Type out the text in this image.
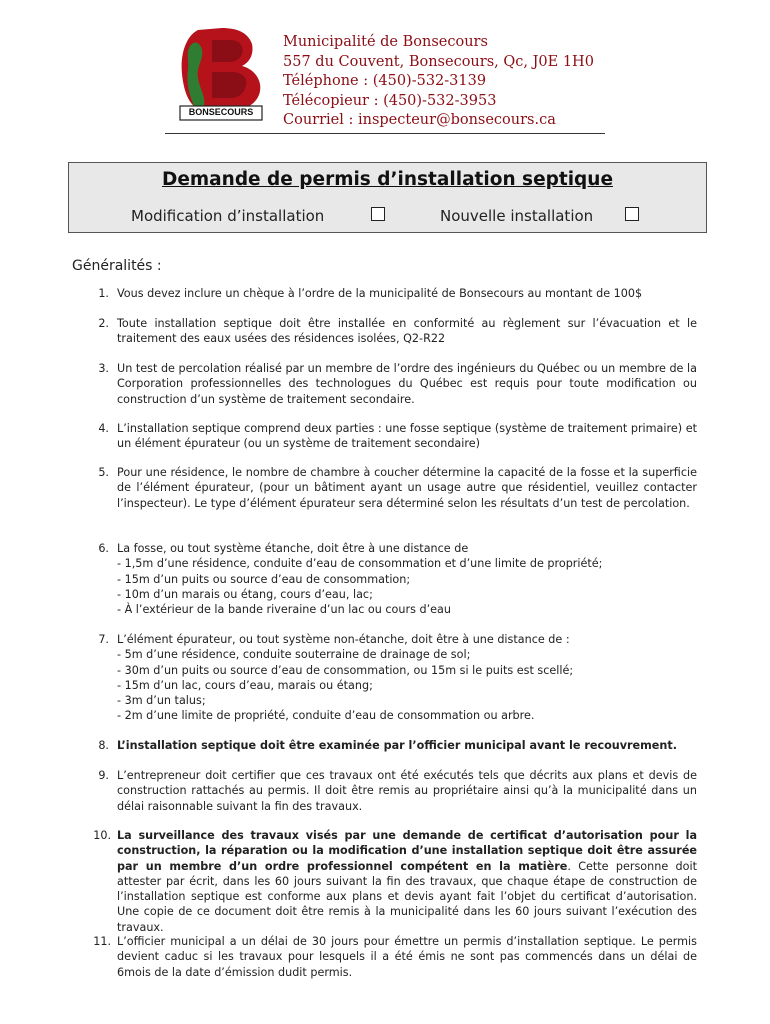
BONSECOURS
Municipalité de Bonsecours
557 du Couvent, Bonsecours, Qc, J0E 1H0
Téléphone : (450)-532-3139
Télécopieur : (450)-532-3953
Courriel : inspecteur@bonsecours.ca
Demande de permis d’installation septique
Modification d’installation	Nouvelle installation
Généralités :
1. Vous devez inclure un chèque à l’ordre de la municipalité de Bonsecours au montant de 100$
2. Toute installation septique doit être installée en conformité au règlement sur l’évacuation et le traitement des eaux usées des résidences isolées, Q2-R22
3. Un test de percolation réalisé par un membre de l’ordre des ingénieurs du Québec ou un membre de la Corporation professionnelles des technologues du Québec est requis pour toute modification ou construction d’un système de traitement secondaire.
4. L’installation septique comprend deux parties : une fosse septique (système de traitement primaire) et un élément épurateur (ou un système de traitement secondaire)
5. Pour une résidence, le nombre de chambre à coucher détermine la capacité de la fosse et la superficie de l’élément épurateur, (pour un bâtiment ayant un usage autre que résidentiel, veuillez contacter l’inspecteur). Le type d’élément épurateur sera déterminé selon les résultats d’un test de percolation.
6. La fosse, ou tout système étanche, doit être à une distance de
- 1,5m d’une résidence, conduite d’eau de consommation et d’une limite de propriété;
- 15m d’un puits ou source d’eau de consommation;
- 10m d’un marais ou étang, cours d’eau, lac;
- À l’extérieur de la bande riveraine d’un lac ou cours d’eau
7. L’élément épurateur, ou tout système non-étanche, doit être à une distance de :
- 5m d’une résidence, conduite souterraine de drainage de sol;
- 30m d’un puits ou source d’eau de consommation, ou 15m si le puits est scellé;
- 15m d’un lac, cours d’eau, marais ou étang;
- 3m d’un talus;
- 2m d’une limite de propriété, conduite d’eau de consommation ou arbre.
8. L’installation septique doit être examinée par l’officier municipal avant le recouvrement.
9. L’entrepreneur doit certifier que ces travaux ont été exécutés tels que décrits aux plans et devis de construction rattachés au permis. Il doit être remis au propriétaire ainsi qu’à la municipalité dans un délai raisonnable suivant la fin des travaux.
10. La surveillance des travaux visés par une demande de certificat d’autorisation pour la construction, la réparation ou la modification d’une installation septique doit être assurée par un membre d’un ordre professionnel compétent en la matière. Cette personne doit attester par écrit, dans les 60 jours suivant la fin des travaux, que chaque étape de construction de l’installation septique est conforme aux plans et devis ayant fait l’objet du certificat d’autorisation. Une copie de ce document doit être remis à la municipalité dans les 60 jours suivant l’exécution des travaux.
11. L’officier municipal a un délai de 30 jours pour émettre un permis d’installation septique. Le permis devient caduc si les travaux pour lesquels il a été émis ne sont pas commencés dans un délai de 6mois de la date d’émission dudit permis.
